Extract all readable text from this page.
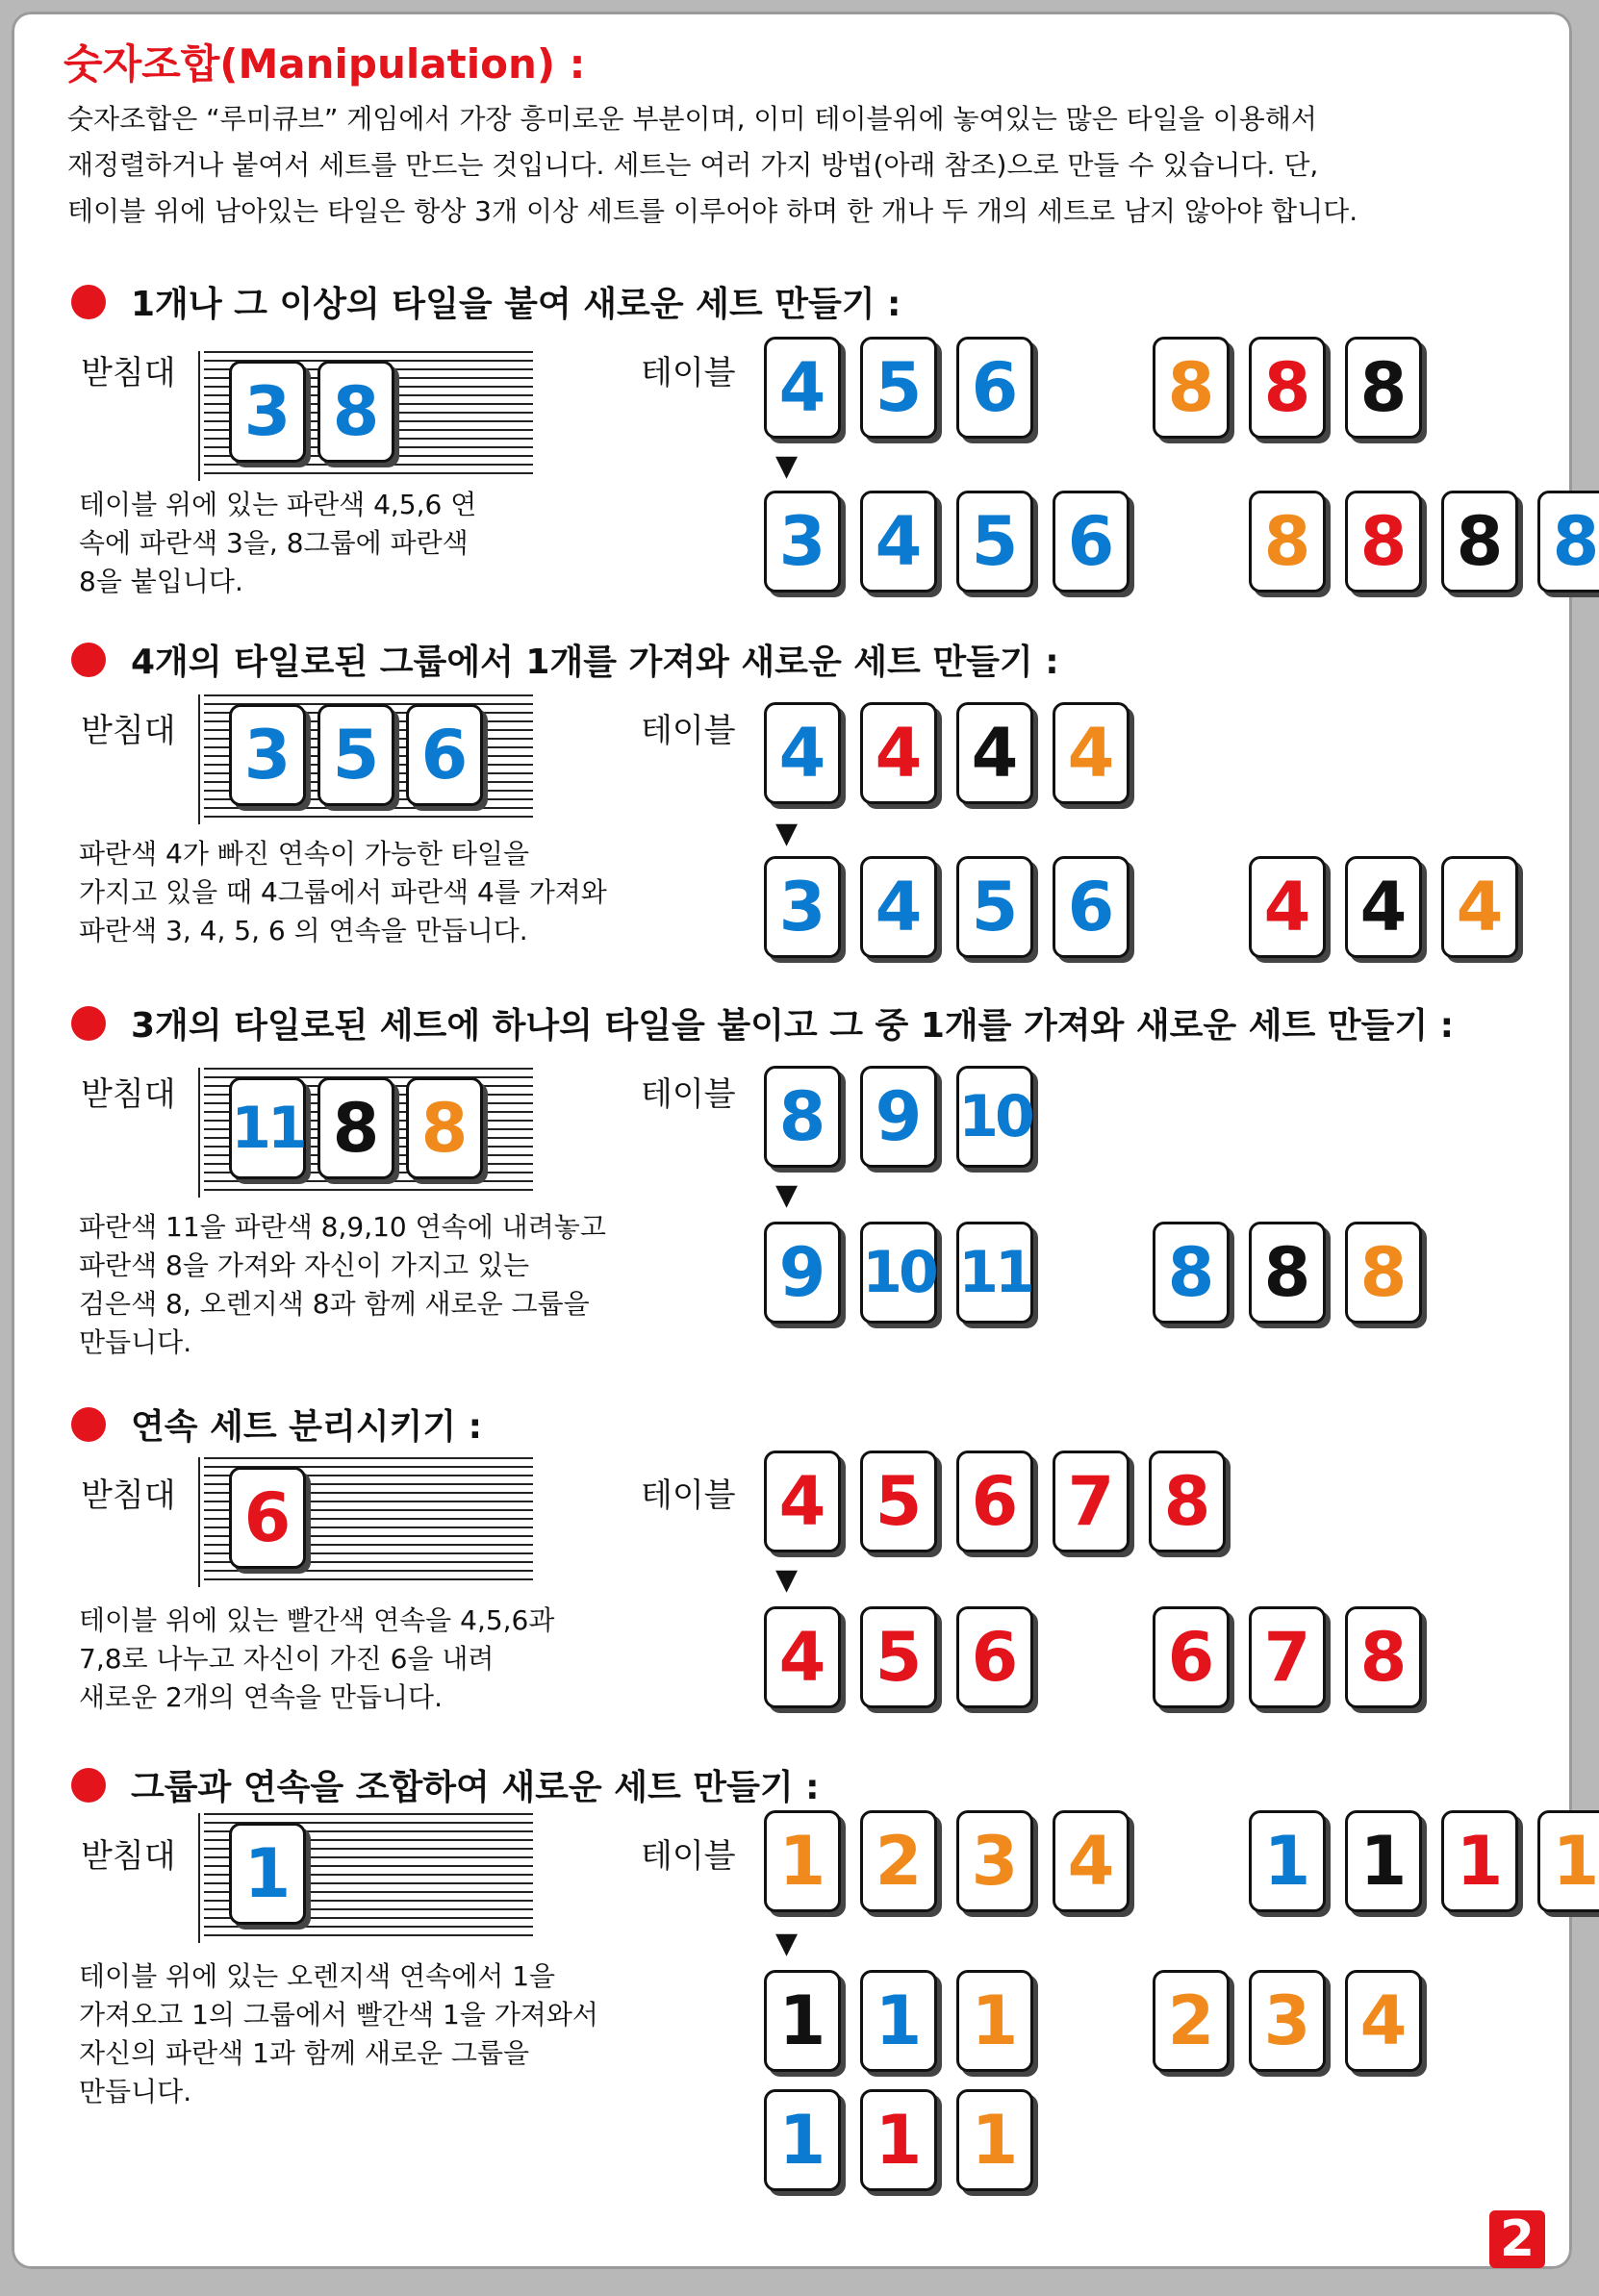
숫자조합(Manipulation) :
숫자조합은 “루미큐브” 게임에서 가장 흥미로운 부분이며, 이미 테이블위에 놓여있는 많은 타일을 이용해서
재정렬하거나 붙여서 세트를 만드는 것입니다. 세트는 여러 가지 방법(아래 참조)으로 만들 수 있습니다. 단,
테이블 위에 남아있는 타일은 항상 3개 이상 세트를 이루어야 하며 한 개나 두 개의 세트로 남지 않아야 합니다.
1개나 그 이상의 타일을 붙여 새로운 세트 만들기 :
받침대	테이블
3 8
테이블 위에 있는 파란색 4,5,6 연
속에 파란색 3을, 8그룹에 파란색
8을 붙입니다.
4 5 6 8 8 8
▼
3 4 5 6 8 8 8 8
4개의 타일로된 그룹에서 1개를 가져와 새로운 세트 만들기 :
받침대	테이블
3 5 6
파란색 4가 빠진 연속이 가능한 타일을
가지고 있을 때 4그룹에서 파란색 4를 가져와
파란색 3, 4, 5, 6 의 연속을 만듭니다.
4 4 4 4
▼
3 4 5 6 4 4 4
3개의 타일로된 세트에 하나의 타일을 붙이고 그 중 1개를 가져와 새로운 세트 만들기 :
받침대	테이블
11 8 8
파란색 11을 파란색 8,9,10 연속에 내려놓고
파란색 8을 가져와 자신이 가지고 있는
검은색 8, 오렌지색 8과 함께 새로운 그룹을
만듭니다.
8 9 10
▼
9 10 11 8 8 8
연속 세트 분리시키기 :
받침대	테이블
6
테이블 위에 있는 빨간색 연속을 4,5,6과
7,8로 나누고 자신이 가진 6을 내려
새로운 2개의 연속을 만듭니다.
4 5 6 7 8
▼
4 5 6 6 7 8
그룹과 연속을 조합하여 새로운 세트 만들기 :
받침대	테이블
1
테이블 위에 있는 오렌지색 연속에서 1을
가져오고 1의 그룹에서 빨간색 1을 가져와서
자신의 파란색 1과 함께 새로운 그룹을
만듭니다.
1 2 3 4 1 1 1 1
▼
1 1 1 2 3 4
1 1 1
2
